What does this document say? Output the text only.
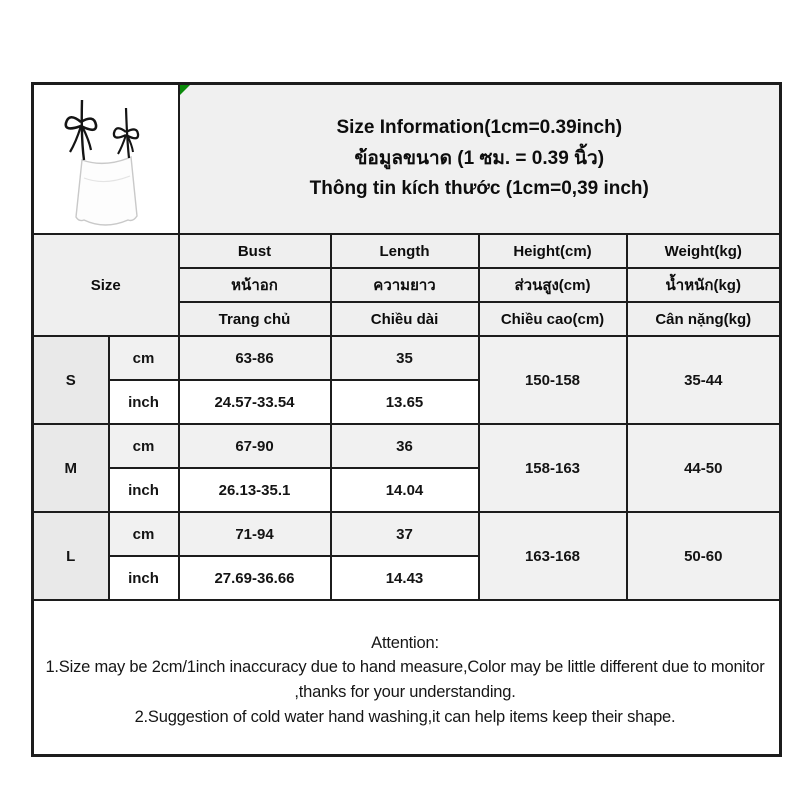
Size Information(1cm=0.39inch)
ข้อมูลขนาด (1 ซม. = 0.39 นิ้ว)
Thông tin kích thước (1cm=0,39 inch)			

Size		Bust	Length	Height(cm)	Weight(kg)
		หน้าอก	ความยาว	ส่วนสูง(cm)	น้ำหนัก(kg)
		Trang chủ	Chiều dài	Chiều cao(cm)	Cân nặng(kg)
S	cm	63-86	35	150-158	35-44
	inch	24.57-33.54	13.65		
M	cm	67-90	36	158-163	44-50
	inch	26.13-35.1	14.04		
L	cm	71-94	37	163-168	50-60
	inch	27.69-36.66	14.43		

Attention:
1.Size may be 2cm/1inch inaccuracy due to hand measure,Color may be little different due to monitor ,thanks for your understanding.
2.Suggestion of cold water hand washing,it can help items keep their shape.					
